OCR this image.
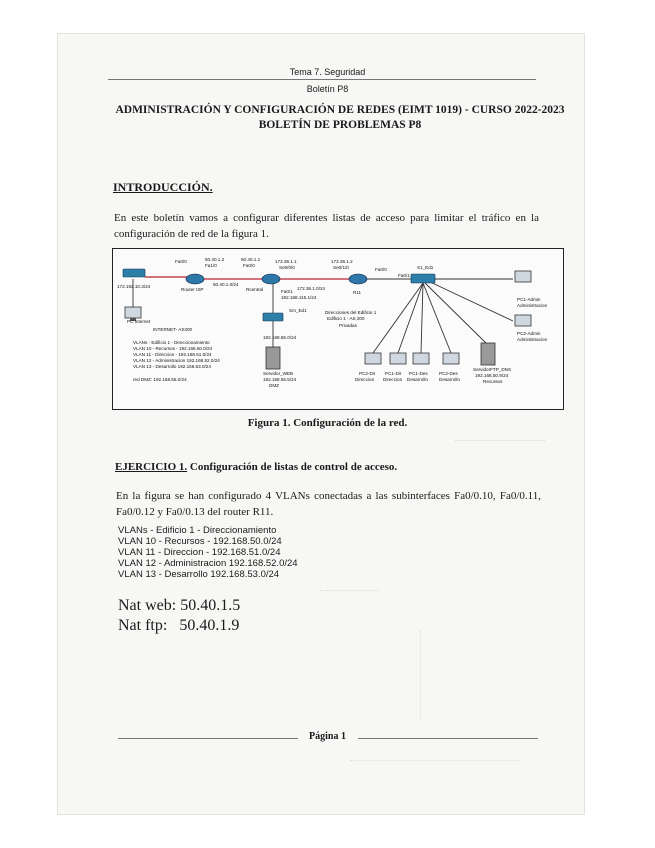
Tema 7. Seguridad
Boletín P8
ADMINISTRACIÓN Y CONFIGURACIÓN DE REDES (EIMT 1019) - CURSO 2022-2023
BOLETÍN DE PROBLEMAS P8
INTRODUCCIÓN.
En este boletín vamos a configurar diferentes listas de acceso para limitar el tráfico en la configuración de red de la figura 1.
Fa0/0	50.40.1.2
Fa1/0
50.40.1.1
Fa0/0
172.36.1.1
Se0/0/0
172.36.1.2
Se0/1/0	Fa0/0
Fa0/1
S1_Ed1
172.192.10.3/24
Router ISP
50.40.1.0/24
Rcentral	Fa0/1
192.168.115.1/24
172.36.1.0/24
R11
PC Internet
INTERNET- AS300
Sm_Ed1	Direcciones del Edificio 1
Edificio 1 - AS 200
Privadas
192.168.55.0/24
PC1-Admin
Administracion
PC2-Admin
Administracion
VLANs - Edificio 1 - Direccionamiento
VLAN 10 - Recursos - 192.168.50.0/24
VLAN 11 - Direccion - 192.168.51.0/24
VLAN 12 - Administracion 192.168.52.0/24
VLAN 13 - Desarrollo 192.168.53.0/24
red DMZ: 192.168.55.0/24
Servidor_WEB
192.168.55.5/24
DMZ
PC2-Dir
Direccion
PC1-Dir
Direccion
PC1-Des
Desarrollo
PC2-Des
Desarrollo
ServidorFTP_DNS
192.168.50.9/24
Recursos
Figura 1. Configuración de la red.
EJERCICIO 1. Configuración de listas de control de acceso.
En la figura se han configurado 4 VLANs conectadas a las subinterfaces Fa0/0.10, Fa0/0.11, Fa0/0.12 y Fa0/0.13 del router R11.
VLANs - Edificio 1 - Direccionamiento
VLAN 10 - Recursos - 192.168.50.0/24
VLAN 11 - Direccion - 192.168.51.0/24
VLAN 12 - Administracion 192.168.52.0/24
VLAN 13 - Desarrollo 192.168.53.0/24
Nat web: 50.40.1.5
Nat ftp:   50.40.1.9
Página 1
